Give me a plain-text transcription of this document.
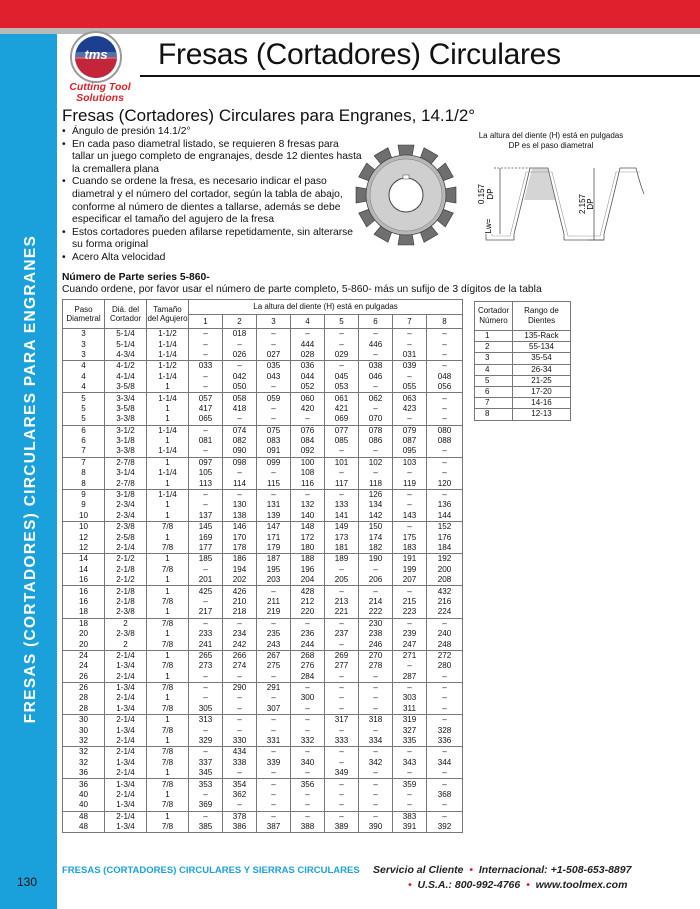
FRESAS (CORTADORES) CIRCULARES PARA ENGRANES
tms
Cutting Tool
Solutions
Fresas (Cortadores) Circulares
Fresas (Cortadores) Circulares para Engranes, 14.1/2°
• Ángulo de presión 14.1/2°
• En cada paso diametral listado, se requieren 8 fresas para tallar un juego completo de engranajes, desde 12 dientes hasta la cremallera plana
• Cuando se ordene la fresa, es necesario indicar el paso diametral y el número del cortador, según la tabla de abajo, conforme al número de dientes a tallarse, además se debe especificar el tamaño del agujero de la fresa
• Estos cortadores pueden afilarse repetidamente, sin alterarse su forma original
• Acero Alta velocidad
La altura del diente (H) está en pulgadas
DP es el paso diametral
0.157 DP
Lw=
2.157 DP
Número de Parte series 5-860-
Cuando ordene, por favor usar el número de parte completo, 5-860- más un sufijo de 3 dígitos de la tabla
Paso Diametral	Diá. del Cortador	Tamaño del Agujero	La altura del diente (H) está en pulgadas							
			1	2	3	4	5	6	7	8
3	5-1/4	1-1/2	–	018	–	–	–	–	–	–
3	5-1/4	1-1/4	–	–	–	444	–	446	–	–
3	4-3/4	1-1/4	–	026	027	028	029	–	031	–
4	4-1/2	1-1/2	033	–	035	036	–	038	039	–
4	4-1/4	1-1/4	–	042	043	044	045	046	–	048
4	3-5/8	1	–	050	–	052	053	–	055	056
5	3-3/4	1-1/4	057	058	059	060	061	062	063	–
5	3-5/8	1	417	418	–	420	421	–	423	–
5	3-3/8	1	065	–	–	–	069	070	–	–
6	3-1/2	1-1/4	–	074	075	076	077	078	079	080
6	3-1/8	1	081	082	083	084	085	086	087	088
7	3-3/8	1-1/4	–	090	091	092	–	–	095	–
7	2-7/8	1	097	098	099	100	101	102	103	–
8	3-1/4	1-1/4	105	–	–	108	–	–	–	–
8	2-7/8	1	113	114	115	116	117	118	119	120
9	3-1/8	1-1/4	–	–	–	–	–	126	–	–
9	2-3/4	1	–	130	131	132	133	134	–	136
10	2-3/4	1	137	138	139	140	141	142	143	144
10	2-3/8	7/8	145	146	147	148	149	150	–	152
12	2-5/8	1	169	170	171	172	173	174	175	176
12	2-1/4	7/8	177	178	179	180	181	182	183	184
14	2-1/2	1	185	186	187	188	189	190	191	192
14	2-1/8	7/8	–	194	195	196	–	–	199	200
16	2-1/2	1	201	202	203	204	205	206	207	208
16	2-1/8	1	425	426	–	428	–	–	–	432
16	2-1/8	7/8	–	210	211	212	213	214	215	216
18	2-3/8	1	217	218	219	220	221	222	223	224
18	2	7/8	–	–	–	–	–	230	–	–
20	2-3/8	1	233	234	235	236	237	238	239	240
20	2	7/8	241	242	243	244	–	246	247	248
24	2-1/4	1	265	266	267	268	269	270	271	272
24	1-3/4	7/8	273	274	275	276	277	278	–	280
26	2-1/4	1	–	–	–	284	–	–	287	–
26	1-3/4	7/8	–	290	291	–	–	–	–	–
28	2-1/4	1	–	–	–	300	–	–	303	–
28	1-3/4	7/8	305	–	307	–	–	–	311	–
30	2-1/4	1	313	–	–	–	317	318	319	–
30	1-3/4	7/8	–	–	–	–	–	–	327	328
32	2-1/4	1	329	330	331	332	333	334	335	336
32	2-1/4	7/8	–	434	–	–	–	–	–	–
32	1-3/4	7/8	337	338	339	340	–	342	343	344
36	2-1/4	1	345	–	–	–	349	–	–	–
36	1-3/4	7/8	353	354	–	356	–	–	359	–
40	2-1/4	1	–	362	–	–	–	–	–	368
40	1-3/4	7/8	369	–	–	–	–	–	–	–
48	2-1/4	1	–	378	–	–	–	–	383	–
48	1-3/4	7/8	385	386	387	388	389	390	391	392
Cortador Número	Rango de Dientes
1	135-Rack
2	55-134
3	35-54
4	26-34
5	21-25
6	17-20
7	14-16
8	12-13
FRESAS (CORTADORES) CIRCULARES Y SIERRAS CIRCULARES Servicio al Cliente  •  Internacional: +1-508-653-8897
•  U.S.A.: 800-992-4766  •  www.toolmex.com
130
